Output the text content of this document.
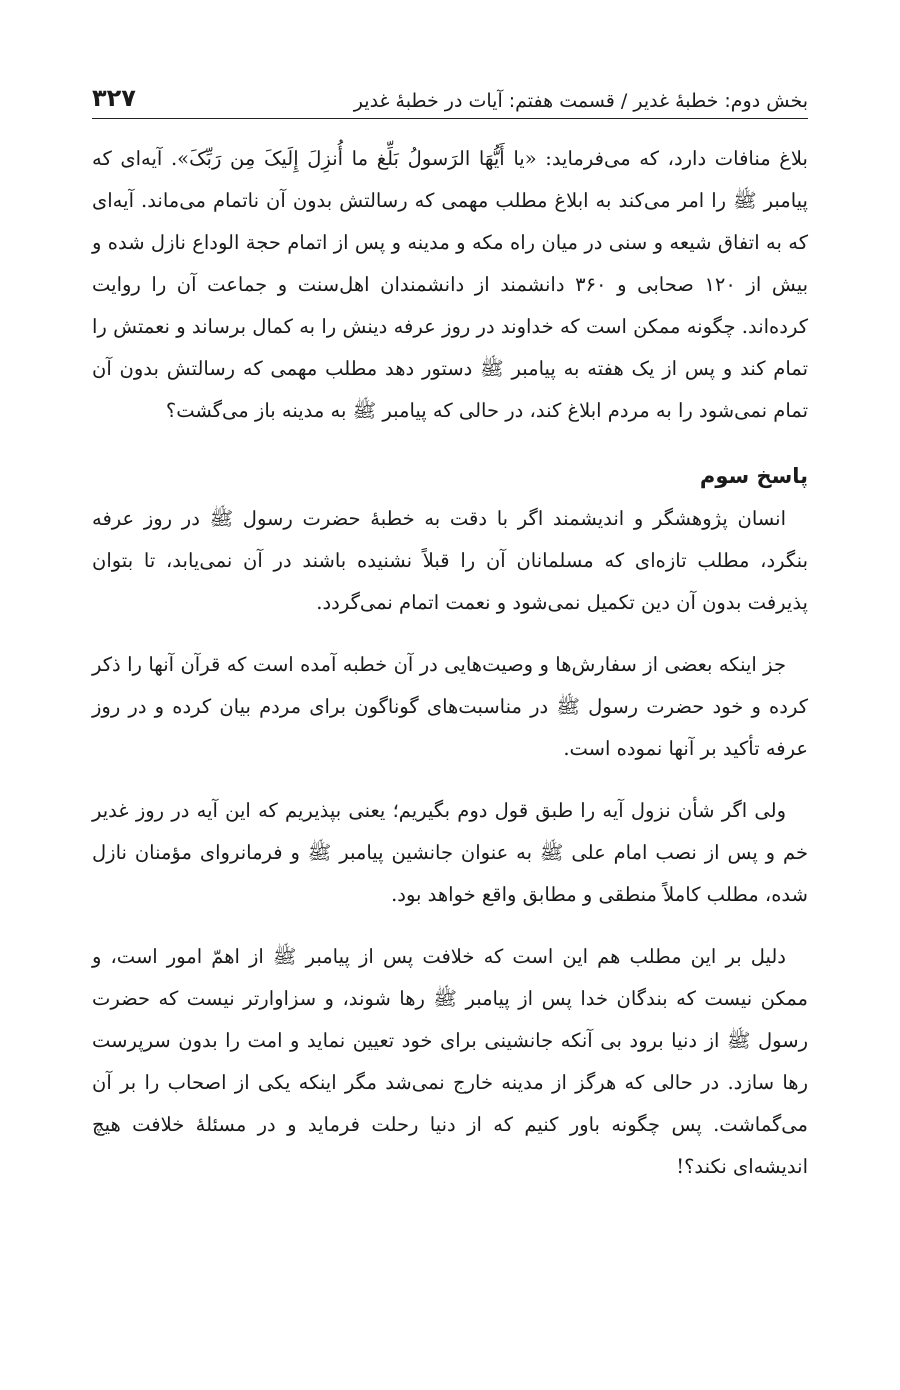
بخش دوم: خطبهٔ غدیر / قسمت هفتم: آیات در خطبهٔ غدیر
۳۲۷

بلاغ منافات دارد، که می‌فرماید: «یا أَیُّهَا الرَسولُ بَلِّغ ما أُنزِلَ إِلَیکَ مِن رَبِّکَ». آیه‌ای که پیامبر ﷺ را امر می‌کند به ابلاغ مطلب مهمی که رسالتش بدون آن ناتمام می‌ماند. آیه‌ای که به اتفاق شیعه و سنی در میان راه مکه و مدینه و پس از اتمام حجة الوداع نازل شده و بیش از ۱۲۰ صحابی و ۳۶۰ دانشمند از دانشمندان اهل‌سنت و جماعت آن را روایت کرده‌اند. چگونه ممکن است که خداوند در روز عرفه دینش را به کمال برساند و نعمتش را تمام کند و پس از یک هفته به پیامبر ﷺ دستور دهد مطلب مهمی که رسالتش بدون آن تمام نمی‌شود را به مردم ابلاغ کند، در حالی که پیامبر ﷺ به مدینه باز می‌گشت؟

پاسخ سوم

انسان پژوهشگر و اندیشمند اگر با دقت به خطبهٔ حضرت رسول ﷺ در روز عرفه بنگرد، مطلب تازه‌ای که مسلمانان آن را قبلاً نشنیده باشند در آن نمی‌یابد، تا بتوان پذیرفت بدون آن دین تکمیل نمی‌شود و نعمت اتمام نمی‌گردد.

جز اینکه بعضی از سفارش‌ها و وصیت‌هایی در آن خطبه آمده است که قرآن آنها را ذکر کرده و خود حضرت رسول ﷺ در مناسبت‌های گوناگون برای مردم بیان کرده و در روز عرفه تأکید بر آنها نموده است.

ولی اگر شأن نزول آیه را طبق قول دوم بگیریم؛ یعنی بپذیریم که این آیه در روز غدیر خم و پس از نصب امام علی ﷺ به عنوان جانشین پیامبر ﷺ و فرمانروای مؤمنان نازل شده، مطلب کاملاً منطقی و مطابق واقع خواهد بود.

دلیل بر این مطلب هم این است که خلافت پس از پیامبر ﷺ از اهمّ امور است، و ممکن نیست که بندگان خدا پس از پیامبر ﷺ رها شوند، و سزاوارتر نیست که حضرت رسول ﷺ از دنیا برود بی آنکه جانشینی برای خود تعیین نماید و امت را بدون سرپرست رها سازد. در حالی که هرگز از مدینه خارج نمی‌شد مگر اینکه یکی از اصحاب را بر آن می‌گماشت. پس چگونه باور کنیم که از دنیا رحلت فرماید و در مسئلهٔ خلافت هیچ اندیشه‌ای نکند؟!
